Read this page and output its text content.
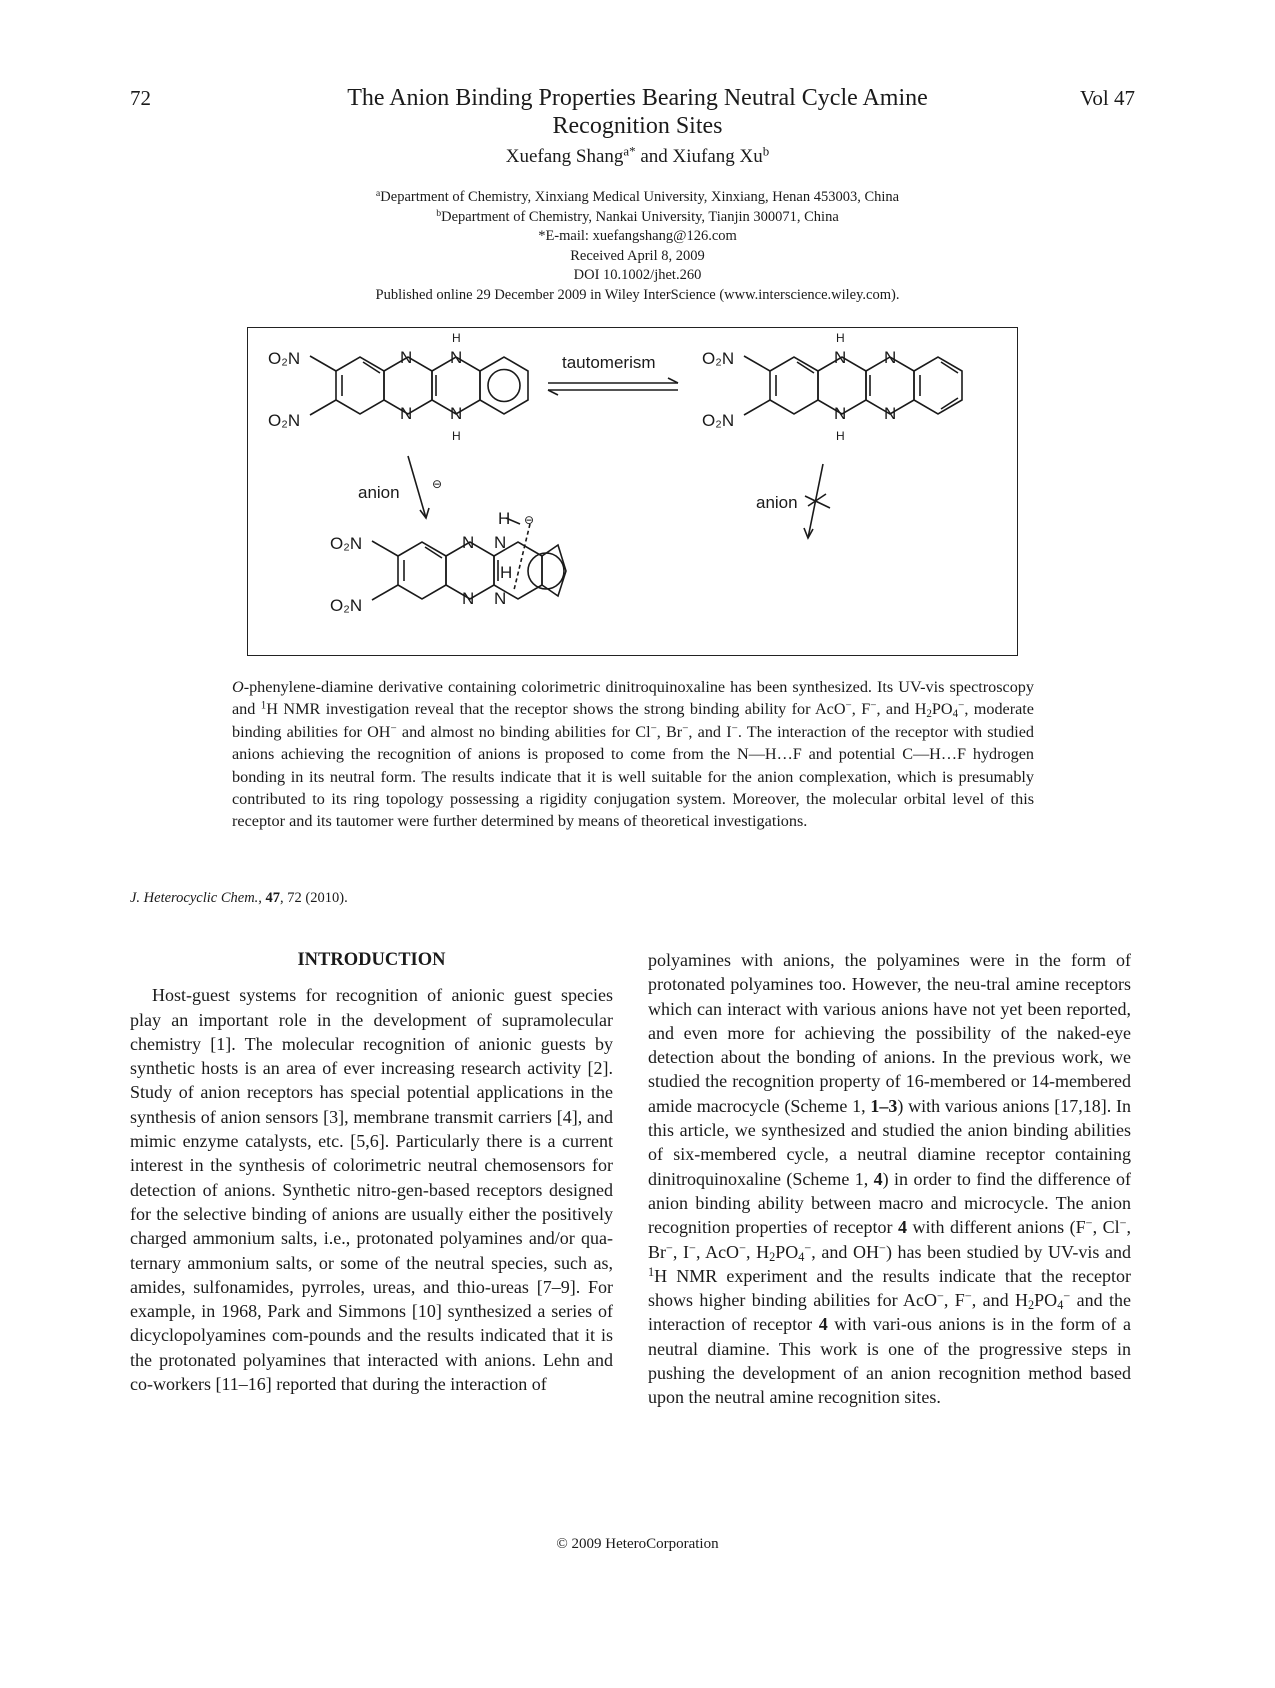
72	The Anion Binding Properties Bearing Neutral Cycle Amine Recognition Sites
Vol 47
Xuefang Shang$^{a*}$ and Xiufang Xu$^b$
$^a$Department of Chemistry, Xinxiang Medical University, Xinxiang, Henan 453003, China
$^b$Department of Chemistry, Nankai University, Tianjin 300071, China
*E-mail: xuefangshang@126.com
Received April 8, 2009
DOI 10.1002/jhet.260
Published online 29 December 2009 in Wiley InterScience (www.interscience.wiley.com).
O₂N
O₂N
N
N
N
N
H
H
tautomerism	O₂N
O₂N
N
N
N
N
H
H
anion	⊖
anion
O₂N
O₂N
N
N
N
N
H
H
⊖
O-phenylene-diamine derivative containing colorimetric dinitroquinoxaline has been synthesized. Its UV-vis spectroscopy and $^1$H NMR investigation reveal that the receptor shows the strong binding ability for AcO−, F−, and $H_2PO_4^-$, moderate binding abilities for OH− and almost no binding abilities for Cl−, Br−, and I−. The interaction of the receptor with studied anions achieving the recognition of anions is proposed to come from the N—H…F and potential C—H…F hydrogen bonding in its neutral form. The results indicate that it is well suitable for the anion complexation, which is presumably contributed to its ring topology possessing a rigidity conjugation system. Moreover, the molecular orbital level of this receptor and its tautomer were further determined by means of theoretical investigations.
J. Heterocyclic Chem., 47, 72 (2010).
INTRODUCTION

Host-guest systems for recognition of anionic guest species play an important role in the development of supramolecular chemistry [1]. The molecular recognition of anionic guests by synthetic hosts is an area of ever increasing research activity [2]. Study of anion receptors has special potential applications in the synthesis of anion sensors [3], membrane transmit carriers [4], and mimic enzyme catalysts, etc. [5,6]. Particularly there is a current interest in the synthesis of colorimetric neutral chemosensors for detection of anions. Synthetic nitro-gen-based receptors designed for the selective binding of anions are usually either the positively charged ammonium salts, i.e., protonated polyamines and/or qua-ternary ammonium salts, or some of the neutral species, such as, amides, sulfonamides, pyrroles, ureas, and thio-ureas [7–9]. For example, in 1968, Park and Simmons [10] synthesized a series of dicyclopolyamines com-pounds and the results indicated that it is the protonated polyamines that interacted with anions. Lehn and co-workers [11–16] reported that during the interaction of

polyamines with anions, the polyamines were in the form of protonated polyamines too. However, the neu-tral amine receptors which can interact with various anions have not yet been reported, and even more for achieving the possibility of the naked-eye detection about the bonding of anions. In the previous work, we studied the recognition property of 16-membered or 14-membered amide macrocycle (Scheme 1, 1–3) with various anions [17,18]. In this article, we synthesized and studied the anion binding abilities of six-membered cycle, a neutral diamine receptor containing dinitroquinoxaline (Scheme 1, 4) in order to find the difference of anion binding ability between macro and microcycle. The anion recognition properties of receptor 4 with different anions (F−, Cl−, Br−, I−, AcO−, $H_2PO_4^-$, and OH−) has been studied by UV-vis and $^1$H NMR experiment and the results indicate that the receptor shows higher binding abilities for AcO−, F−, and $H_2PO_4^-$ and the interaction of receptor 4 with vari-ous anions is in the form of a neutral diamine. This work is one of the progressive steps in pushing the development of an anion recognition method based upon the neutral amine recognition sites.

© 2009 HeteroCorporation
